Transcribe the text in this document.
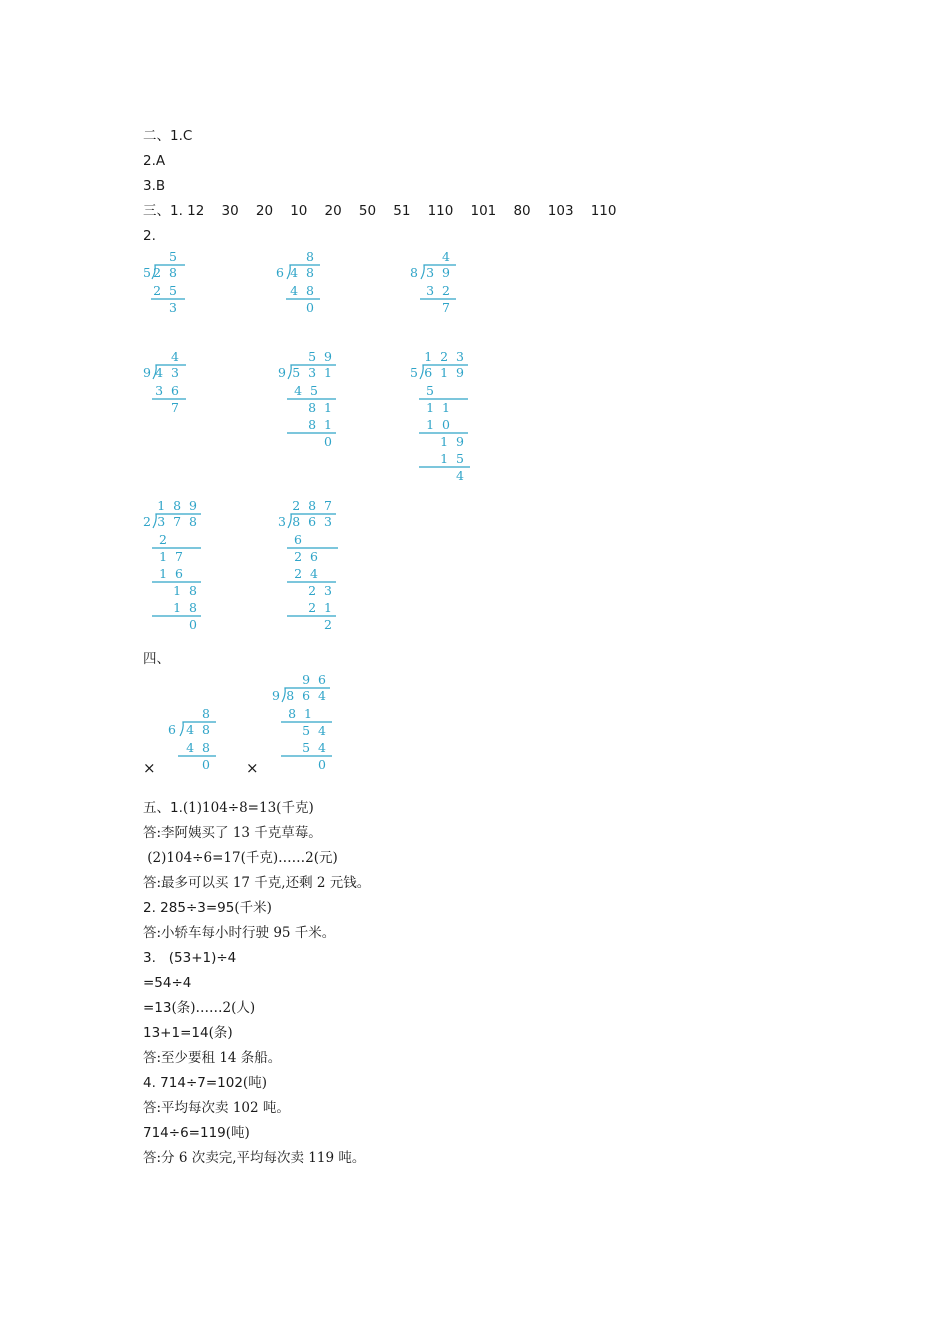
二、1.C
2.A
3.B
三、1. 12    30    20    10    20    50    51    110    101    80    103    110
2.
5
5 2 8
2 5
3
8
6 4 8
4 8
0
4
8 3 9
3 2
7
4
9 4 3
3 6
7
5 9
9 5 3 1
4 5
8 1
8 1
0
1 2 3
5 6 1 9
5
1 1
1 0
1 9
1 5
4
1 8 9
2 3 7 8
2
1 7
1 6
1 8
1 8
0
2 8 7
3 8 6 3
6
2 6
2 4
2 3
2 1
2
四、
8
6 4 8
4 8
0
×
9 6
9 8 6 4
8 1
5 4
5 4
0
×
五、1.(1)104÷8=13(千克)
答:李阿姨买了 13 千克草莓。
(2)104÷6=17(千克)……2(元)
答:最多可以买 17 千克,还剩 2 元钱。
2. 285÷3=95(千米)
答:小轿车每小时行驶 95 千米。
3.   (53+1)÷4
=54÷4
=13(条)……2(人)
13+1=14(条)
答:至少要租 14 条船。
4. 714÷7=102(吨)
答:平均每次卖 102 吨。
714÷6=119(吨)
答:分 6 次卖完,平均每次卖 119 吨。
